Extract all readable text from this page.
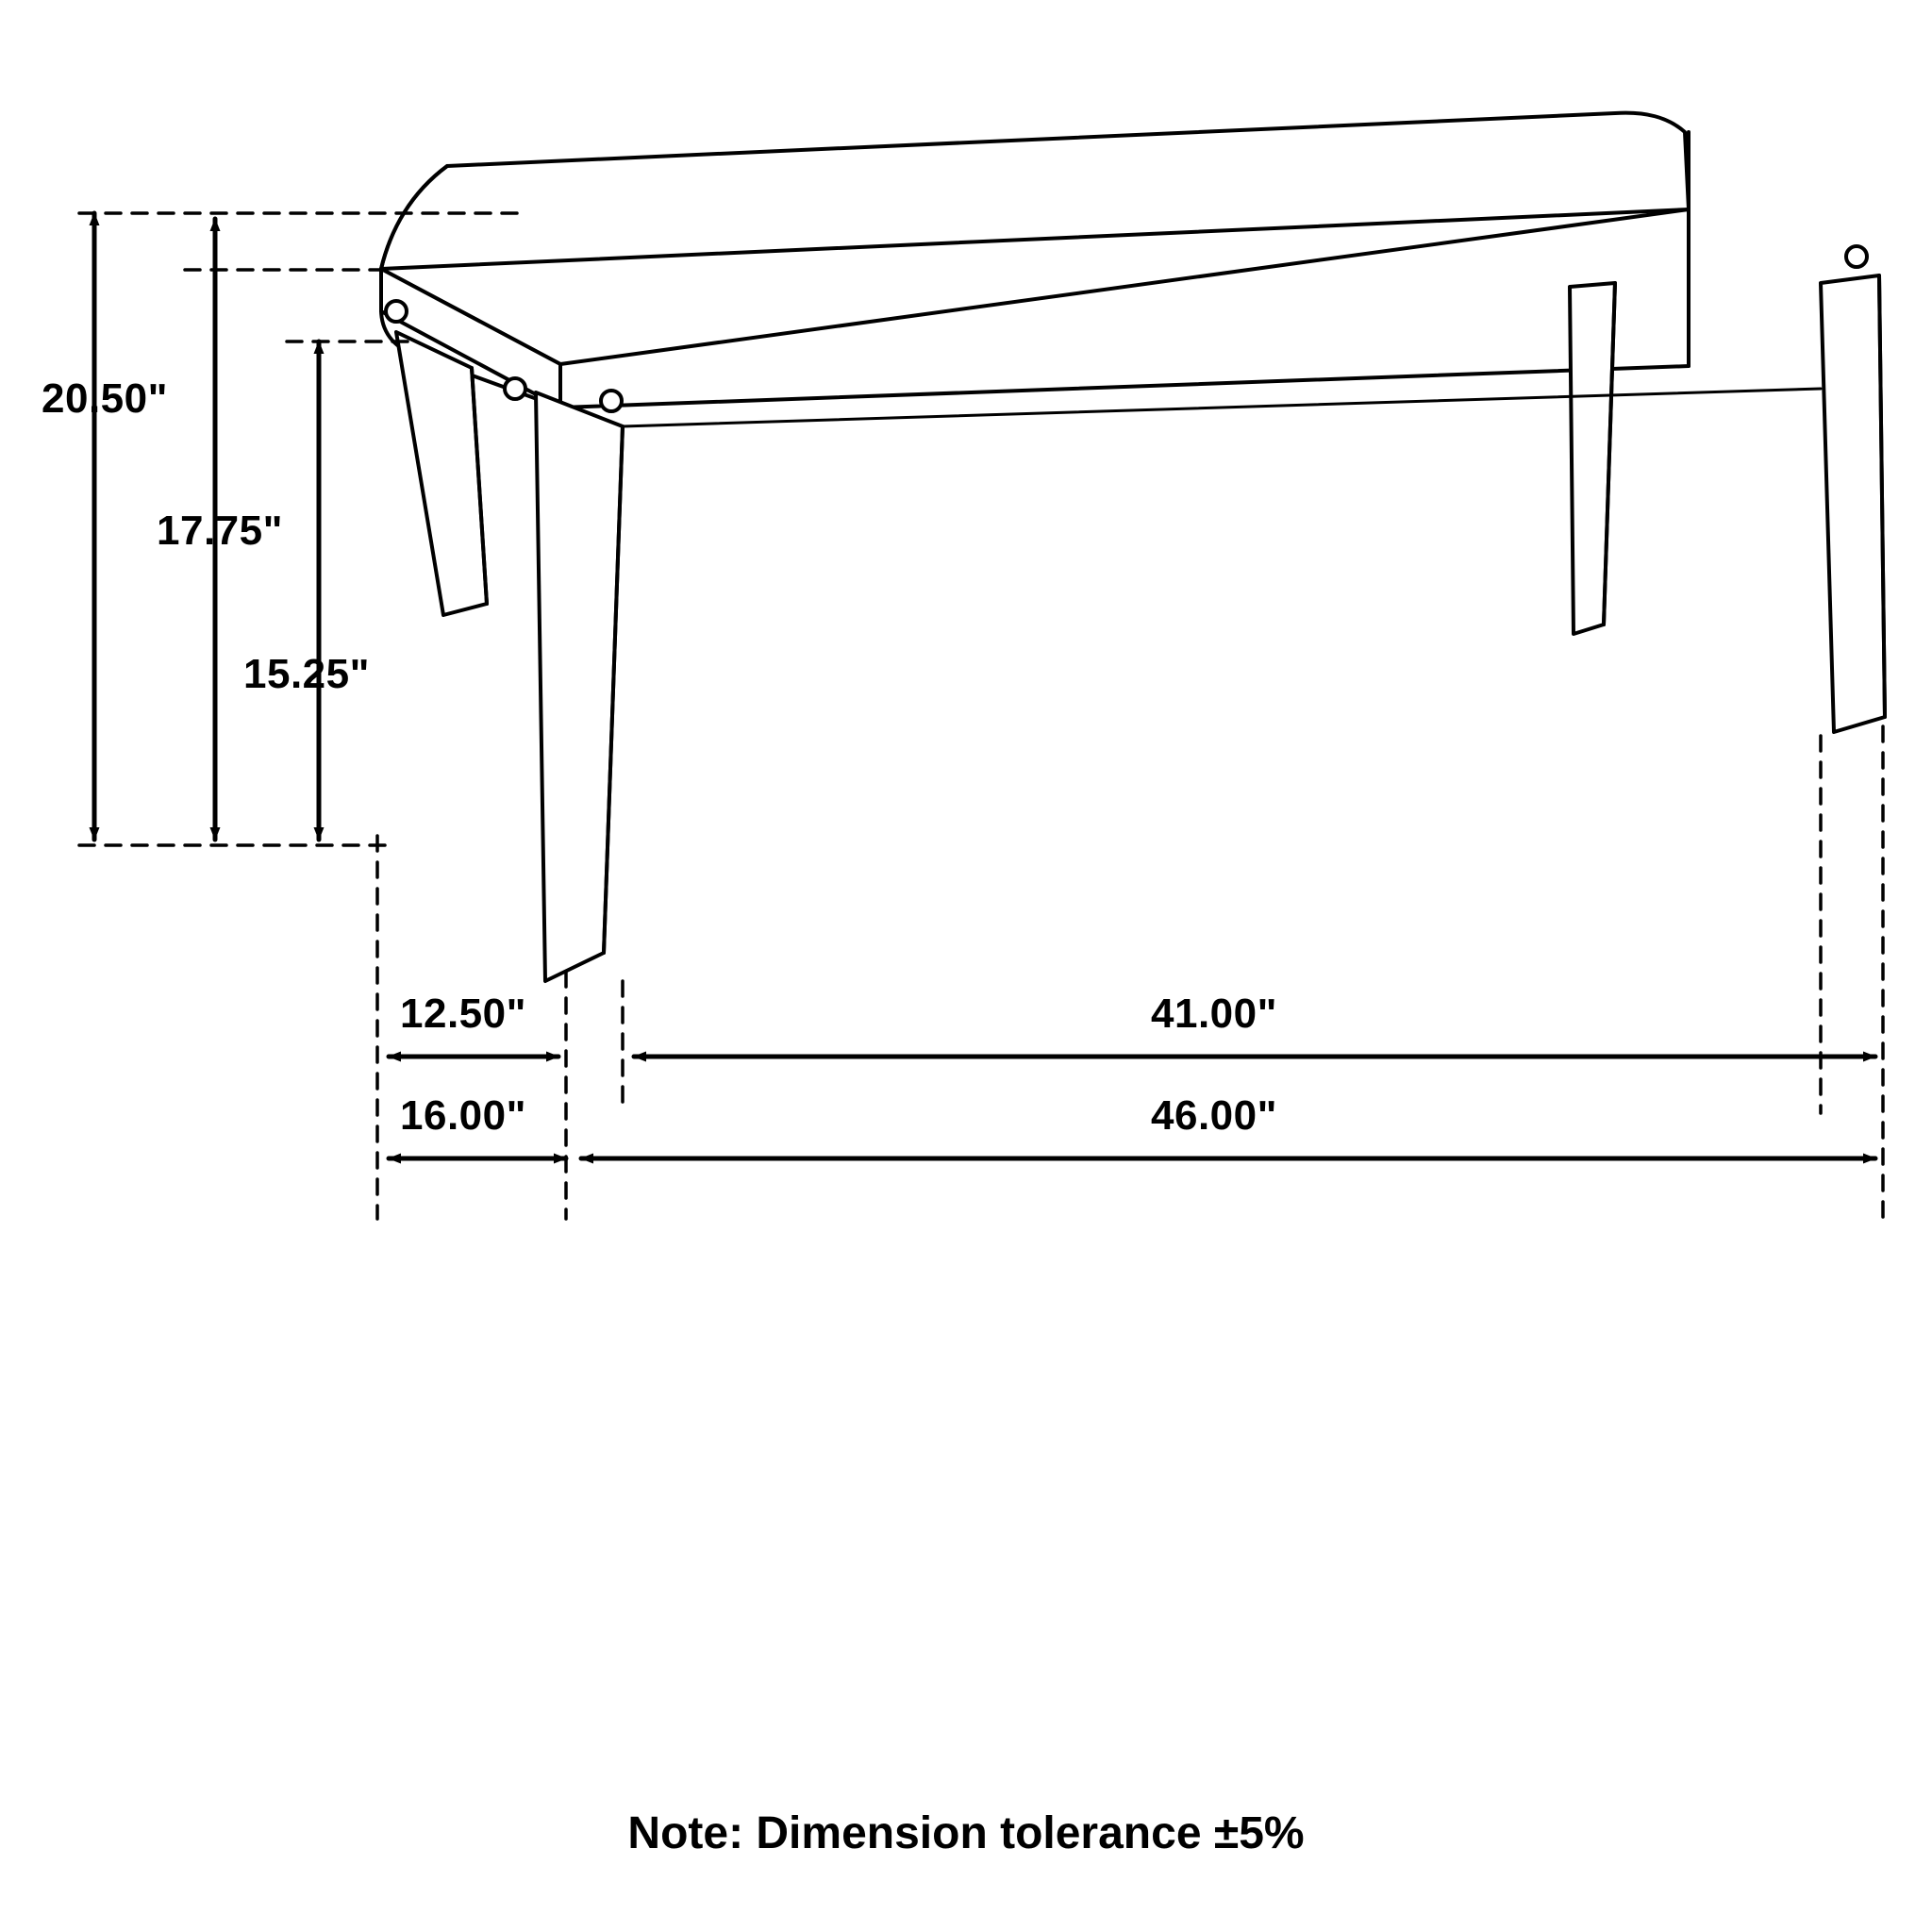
20.50"
17.75"
15.25"
12.50"
16.00"
41.00"
46.00"
Note: Dimension tolerance ±5%
